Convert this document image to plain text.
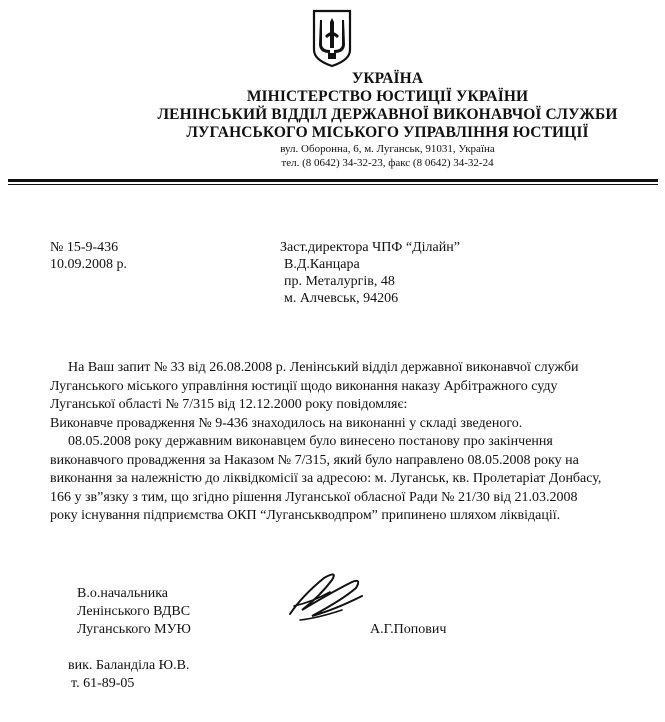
УКРАЇНА
МІНІСТЕРСТВО ЮСТИЦІЇ УКРАЇНИ
ЛЕНІНСЬКИЙ ВІДДІЛ ДЕРЖАВНОЇ ВИКОНАВЧОЇ СЛУЖБИ
ЛУГАНСЬКОГО МІСЬКОГО УПРАВЛІННЯ ЮСТИЦІЇ
вул. Оборонна, 6, м. Луганськ, 91031, Україна
тел. (8 0642) 34-32-23, факс (8 0642) 34-32-24
№ 15-9-436
10.09.2008 р.
Заст.директора ЧПФ “Ділайн”
В.Д.Канцара
пр. Металургів, 48
м. Алчевськ, 94206
На Ваш запит № 33 від 26.08.2008 р. Ленінський відділ державної виконавчої служби
Луганського міського управління юстиції щодо виконання наказу Арбітражного суду
Луганської області № 7/315 від 12.12.2000 року повідомляє:
Виконавче провадження № 9-436 знаходилось на виконанні у складі зведеного.
08.05.2008 року державним виконавцем було винесено постанову про закінчення
виконавчого провадження за Наказом № 7/315, який було направлено 08.05.2008 року на
виконання за належністю до ліквідкомісії за адресою: м. Луганськ, кв. Пролетаріат Донбасу,
166 у зв”язку з тим, що згідно рішення Луганської обласної Ради № 21/30 від 21.03.2008
року існування підприємства ОКП “Луганськводпром” припинено шляхом ліквідації.
В.о.начальника
Ленінського ВДВС
Луганського МУЮ	А.Г.Попович
вик. Баланділа Ю.В.
т. 61-89-05
